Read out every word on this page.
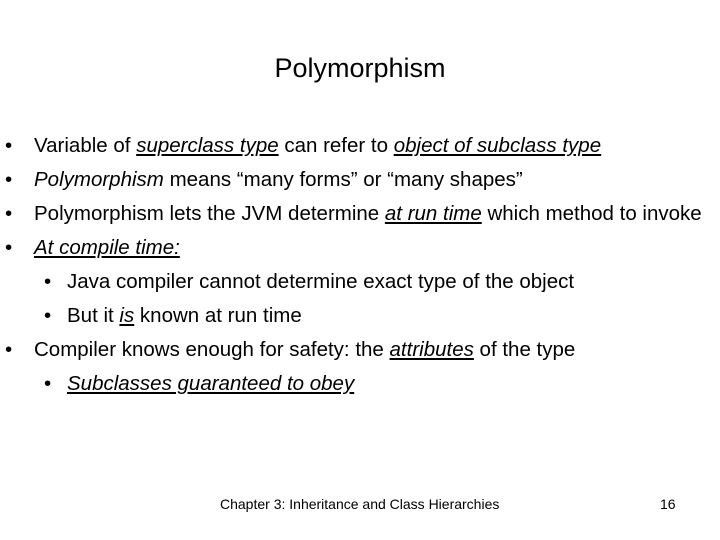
Polymorphism
• Variable of superclass type can refer to object of subclass type
• Polymorphism means “many forms” or “many shapes”
• Polymorphism lets the JVM determine at run time which method to invoke
• At compile time:
• Java compiler cannot determine exact type of the object
• But it is known at run time
• Compiler knows enough for safety: the attributes of the type
• Subclasses guaranteed to obey
Chapter 3: Inheritance and Class Hierarchies	16
